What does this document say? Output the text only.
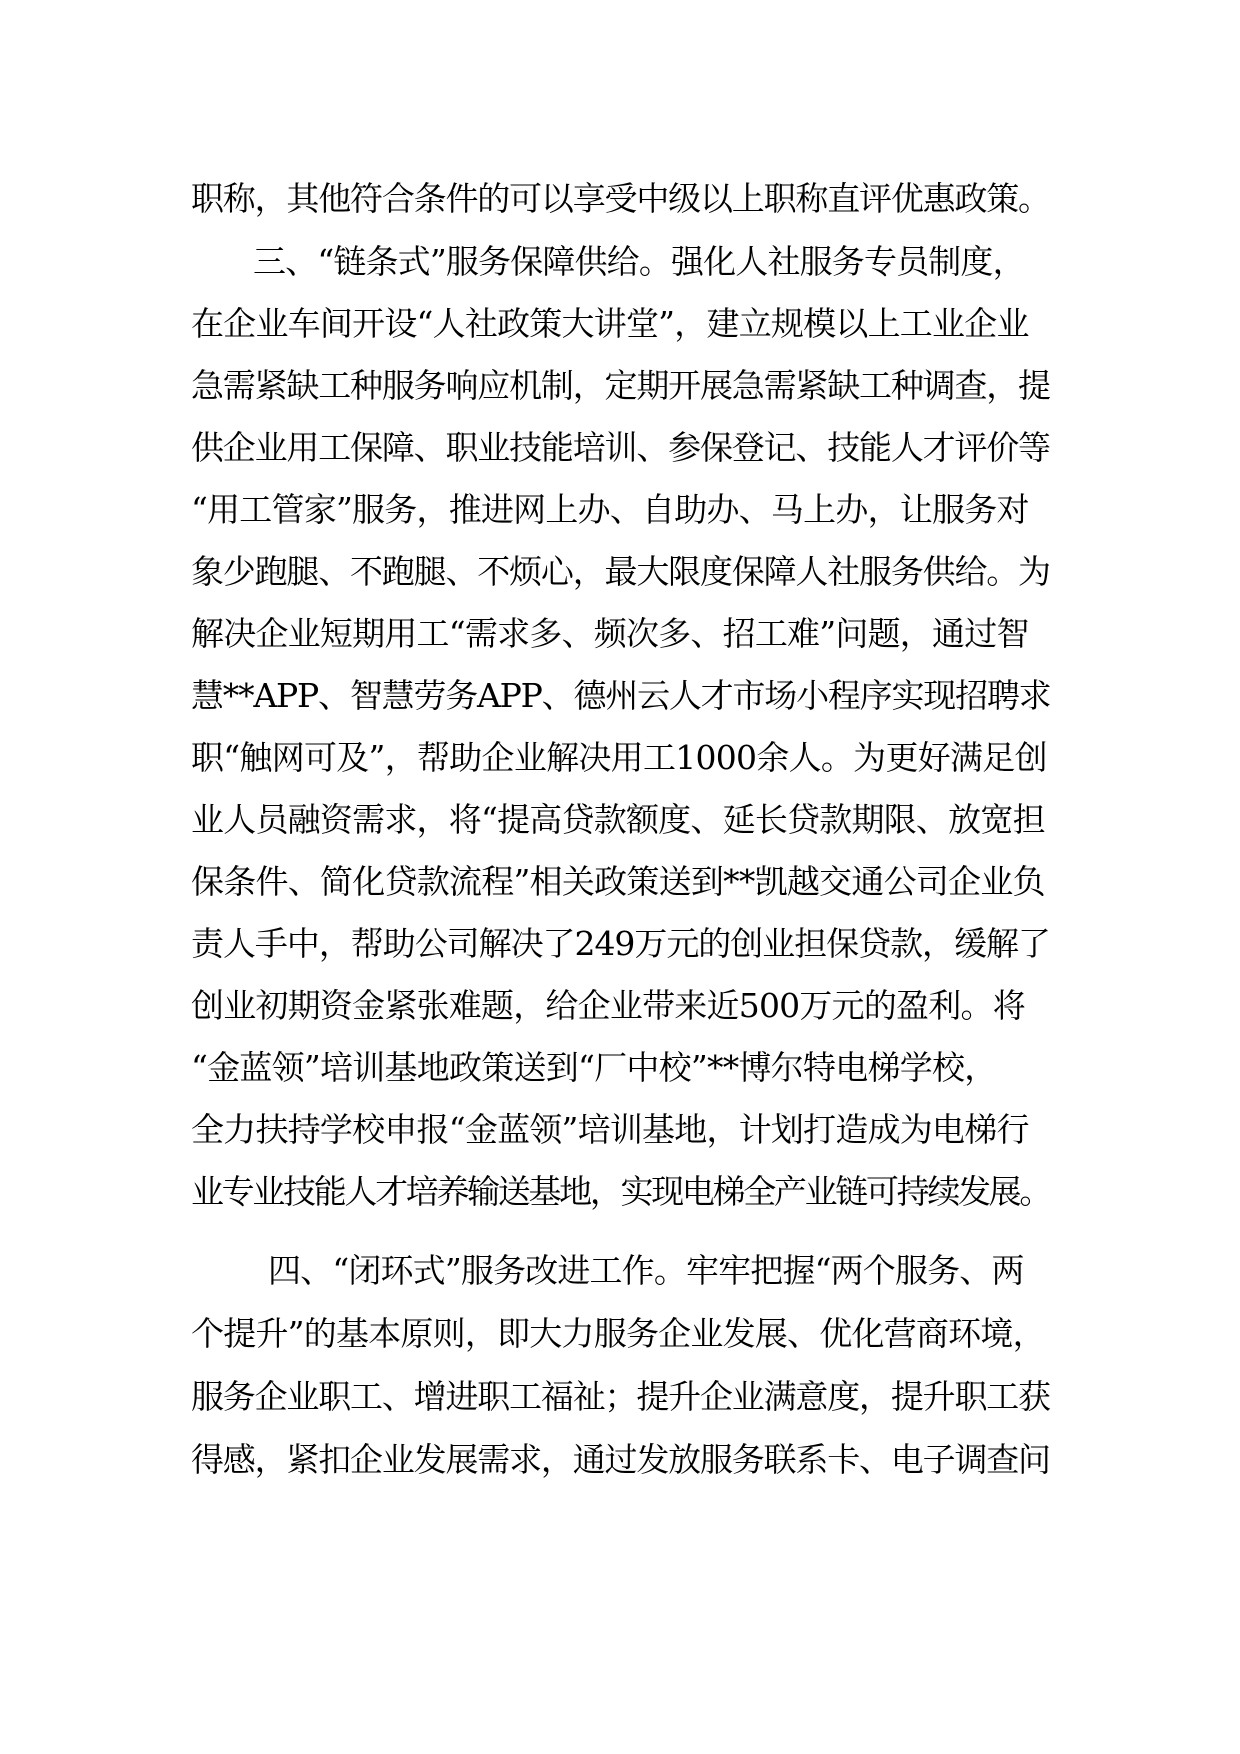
职称，其他符合条件的可以享受中级以上职称直评优惠政策。
三、“链条式”服务保障供给。强化人社服务专员制度，
在企业车间开设“人社政策大讲堂”，建立规模以上工业企业
急需紧缺工种服务响应机制，定期开展急需紧缺工种调查，提
供企业用工保障、职业技能培训、参保登记、技能人才评价等
“用工管家”服务，推进网上办、自助办、马上办，让服务对
象少跑腿、不跑腿、不烦心，最大限度保障人社服务供给。为
解决企业短期用工“需求多、频次多、招工难”问题，通过智
慧**APP、智慧劳务APP、德州云人才市场小程序实现招聘求
职“触网可及”，帮助企业解决用工1000余人。为更好满足创
业人员融资需求，将“提高贷款额度、延长贷款期限、放宽担
保条件、简化贷款流程”相关政策送到**凯越交通公司企业负
责人手中，帮助公司解决了249万元的创业担保贷款，缓解了
创业初期资金紧张难题，给企业带来近500万元的盈利。将
“金蓝领”培训基地政策送到“厂中校”**博尔特电梯学校，
全力扶持学校申报“金蓝领”培训基地，计划打造成为电梯行
业专业技能人才培养输送基地，实现电梯全产业链可持续发展。
四、“闭环式”服务改进工作。牢牢把握“两个服务、两
个提升”的基本原则，即大力服务企业发展、优化营商环境，
服务企业职工、增进职工福祉；提升企业满意度，提升职工获
得感，紧扣企业发展需求，通过发放服务联系卡、电子调查问
